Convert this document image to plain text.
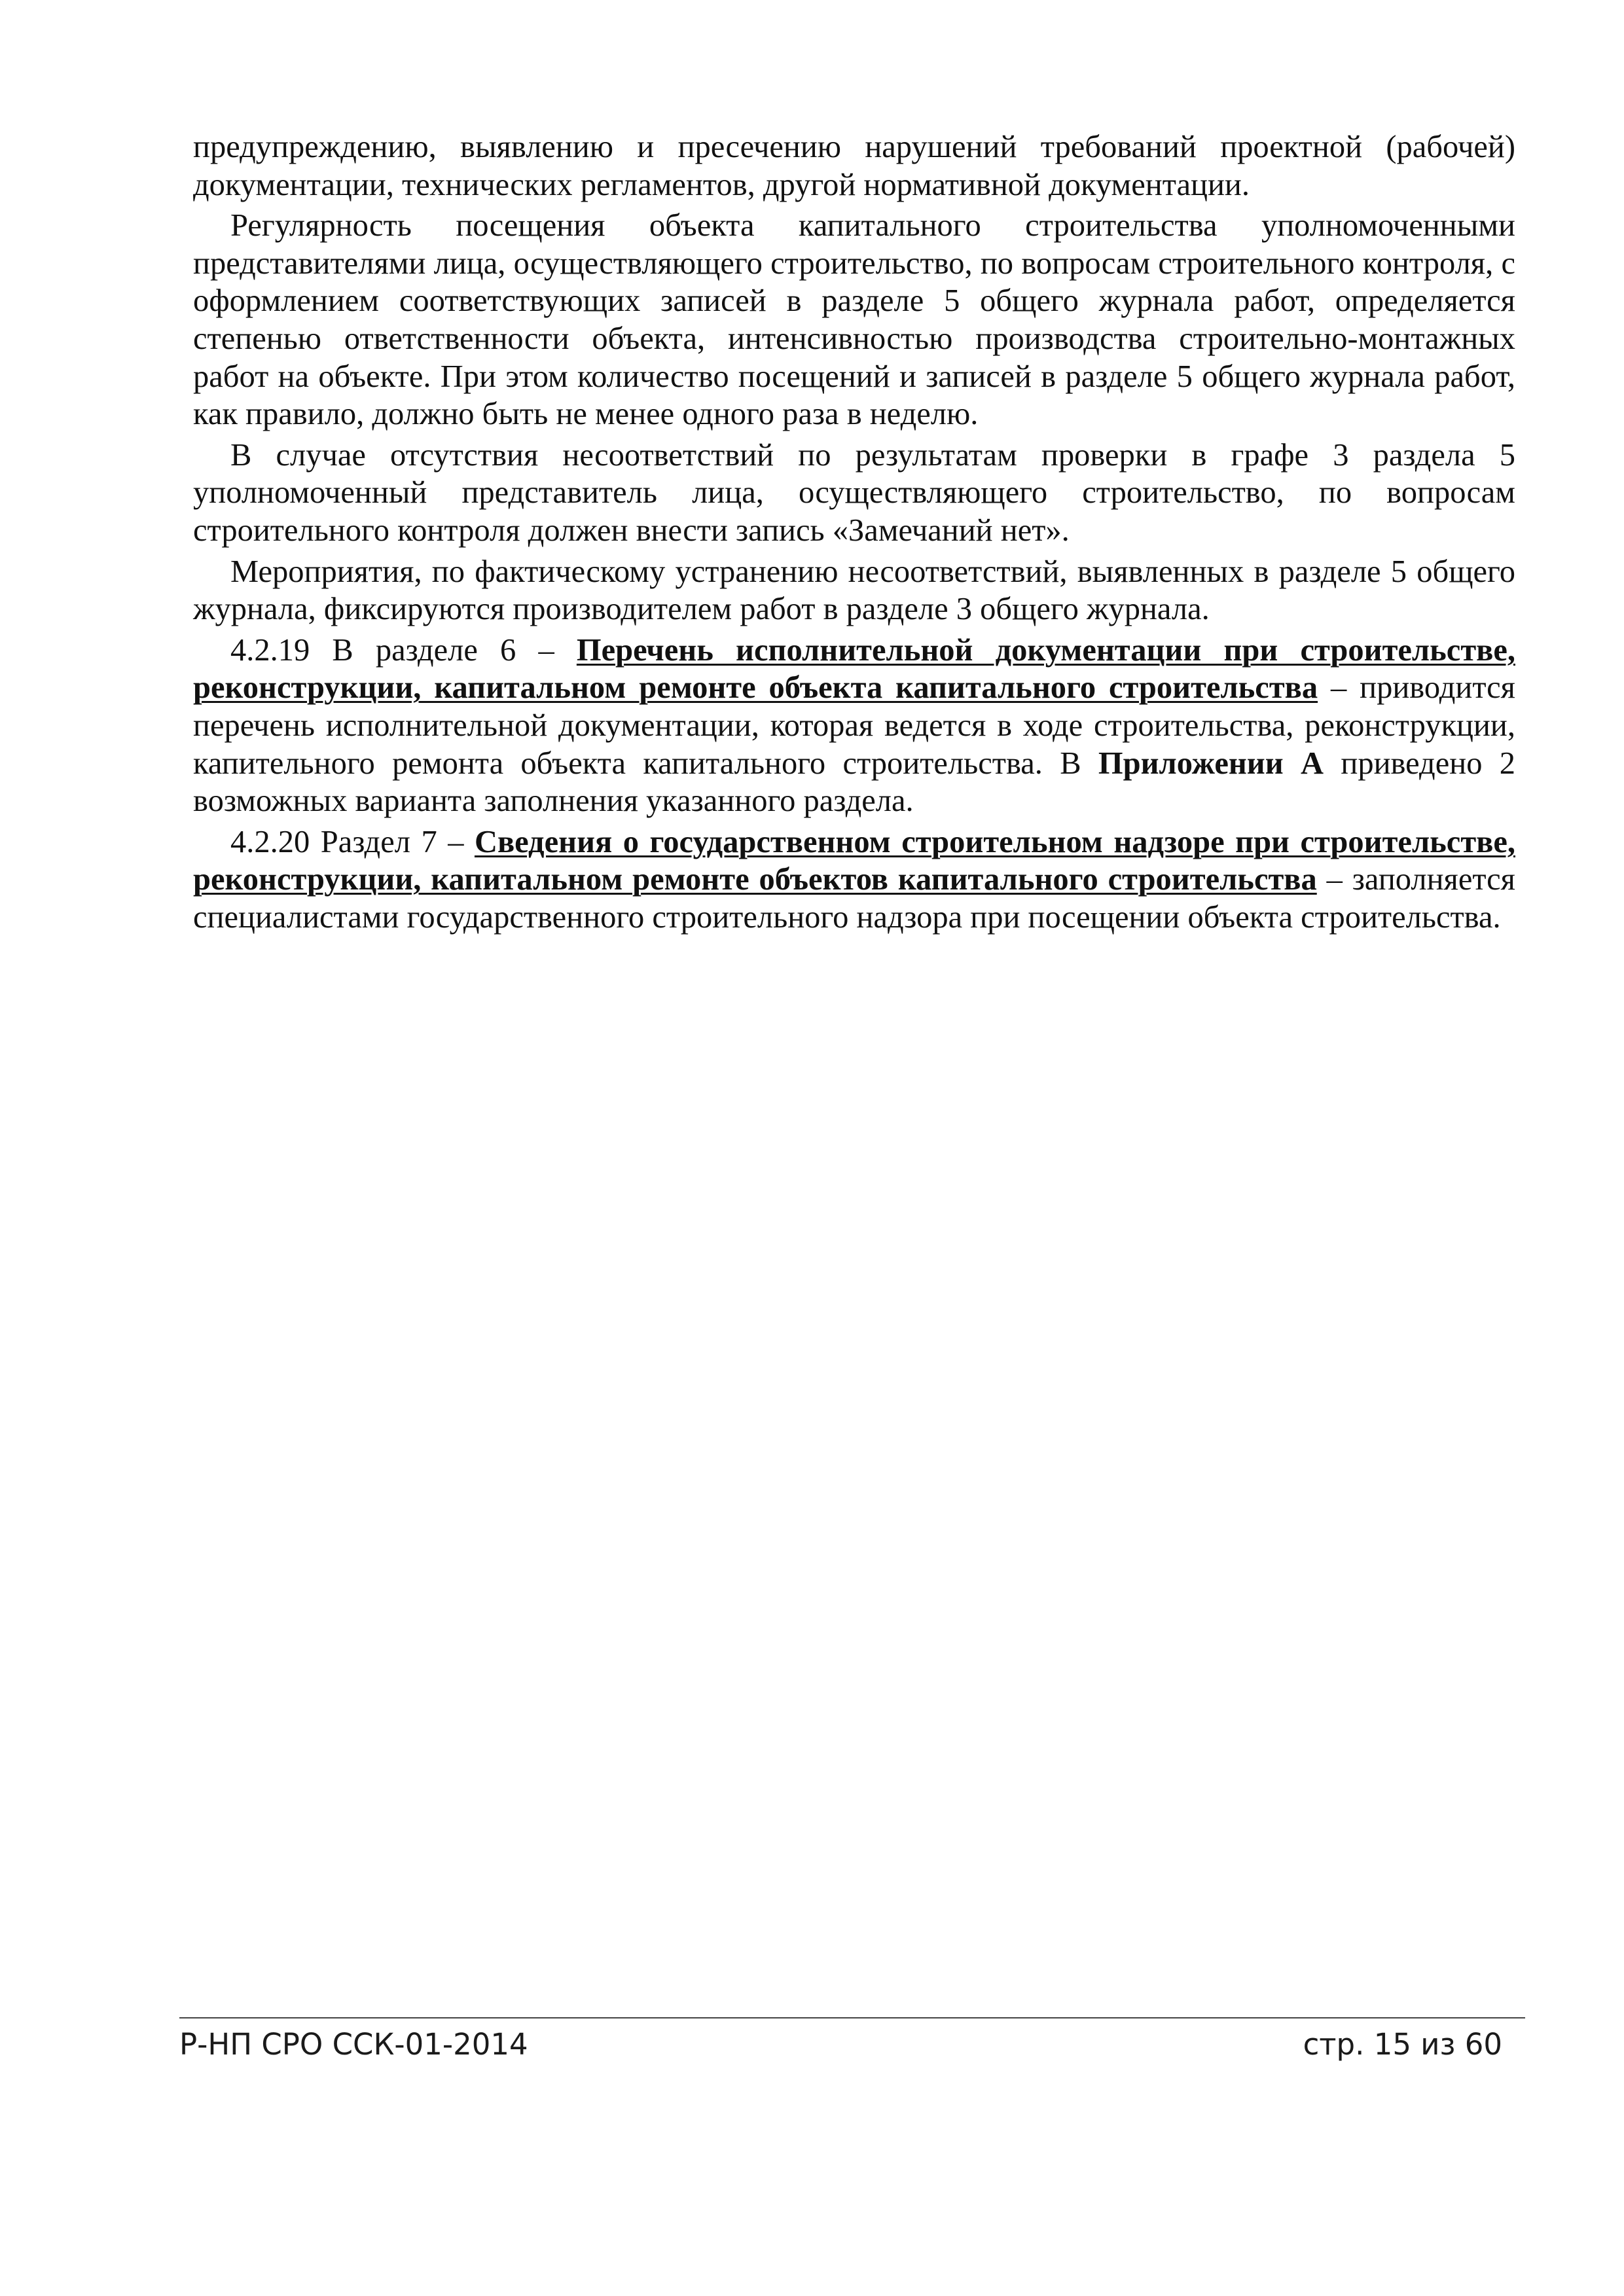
предупреждению, выявлению и пресечению нарушений требований проектной (рабочей) документации, технических регламентов, другой нормативной документации.

Регулярность посещения объекта капитального строительства уполномоченными представителями лица, осуществляющего строительство, по вопросам строительного контроля, с оформлением соответствующих записей в разделе 5 общего журнала работ, определяется степенью ответственности объекта, интенсивностью производства строительно-монтажных работ на объекте. При этом количество посещений и записей в разделе 5 общего журнала работ, как правило, должно быть не менее одного раза в неделю.

В случае отсутствия несоответствий по результатам проверки в графе 3 раздела 5 уполномоченный представитель лица, осуществляющего строительство, по вопросам строительного контроля должен внести запись «Замечаний нет».

Мероприятия, по фактическому устранению несоответствий, выявленных в разделе 5 общего журнала, фиксируются производителем работ в разделе 3 общего журнала.

4.2.19 В разделе 6 – Перечень исполнительной документации при строительстве, реконструкции, капитальном ремонте объекта капитального строительства – приводится перечень исполнительной документации, которая ведется в ходе строительства, реконструкции, капительного ремонта объекта капитального строительства. В Приложении А приведено 2 возможных варианта заполнения указанного раздела.

4.2.20 Раздел 7 – Сведения о государственном строительном надзоре при строительстве, реконструкции, капитальном ремонте объектов капитального строительства – заполняется специалистами государственного строительного надзора при посещении объекта строительства.

Р-НП СРО ССК-01-2014	стр. 15 из 60
